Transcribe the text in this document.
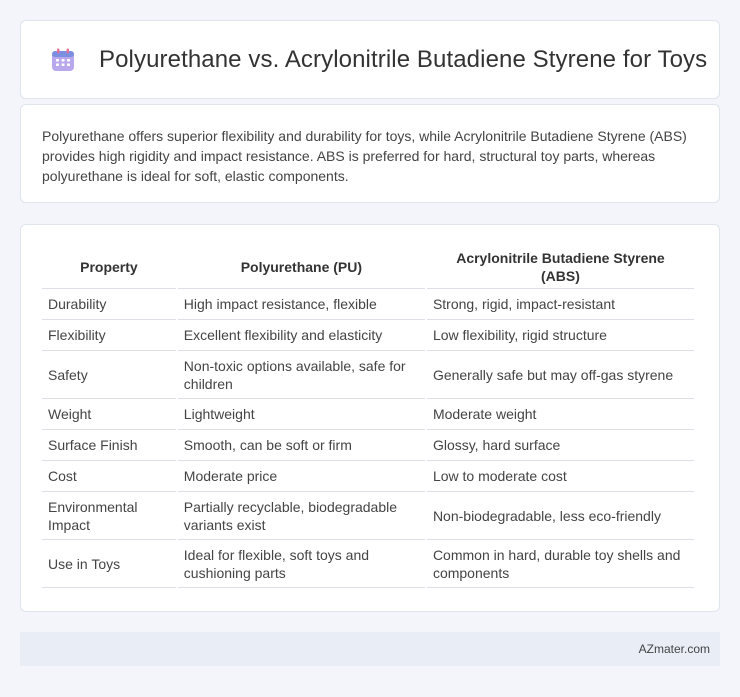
Polyurethane vs. Acrylonitrile Butadiene Styrene for Toys

Polyurethane offers superior flexibility and durability for toys, while Acrylonitrile Butadiene Styrene (ABS) provides high rigidity and impact resistance. ABS is preferred for hard, structural toy parts, whereas polyurethane is ideal for soft, elastic components.

Property	Polyurethane (PU)	Acrylonitrile Butadiene Styrene (ABS)
Durability	High impact resistance, flexible	Strong, rigid, impact-resistant
Flexibility	Excellent flexibility and elasticity	Low flexibility, rigid structure
Safety	Non-toxic options available, safe for children	Generally safe but may off-gas styrene
Weight	Lightweight	Moderate weight
Surface Finish	Smooth, can be soft or firm	Glossy, hard surface
Cost	Moderate price	Low to moderate cost
Environmental Impact	Partially recyclable, biodegradable variants exist	Non-biodegradable, less eco-friendly
Use in Toys	Ideal for flexible, soft toys and cushioning parts	Common in hard, durable toy shells and components
AZmater.com
